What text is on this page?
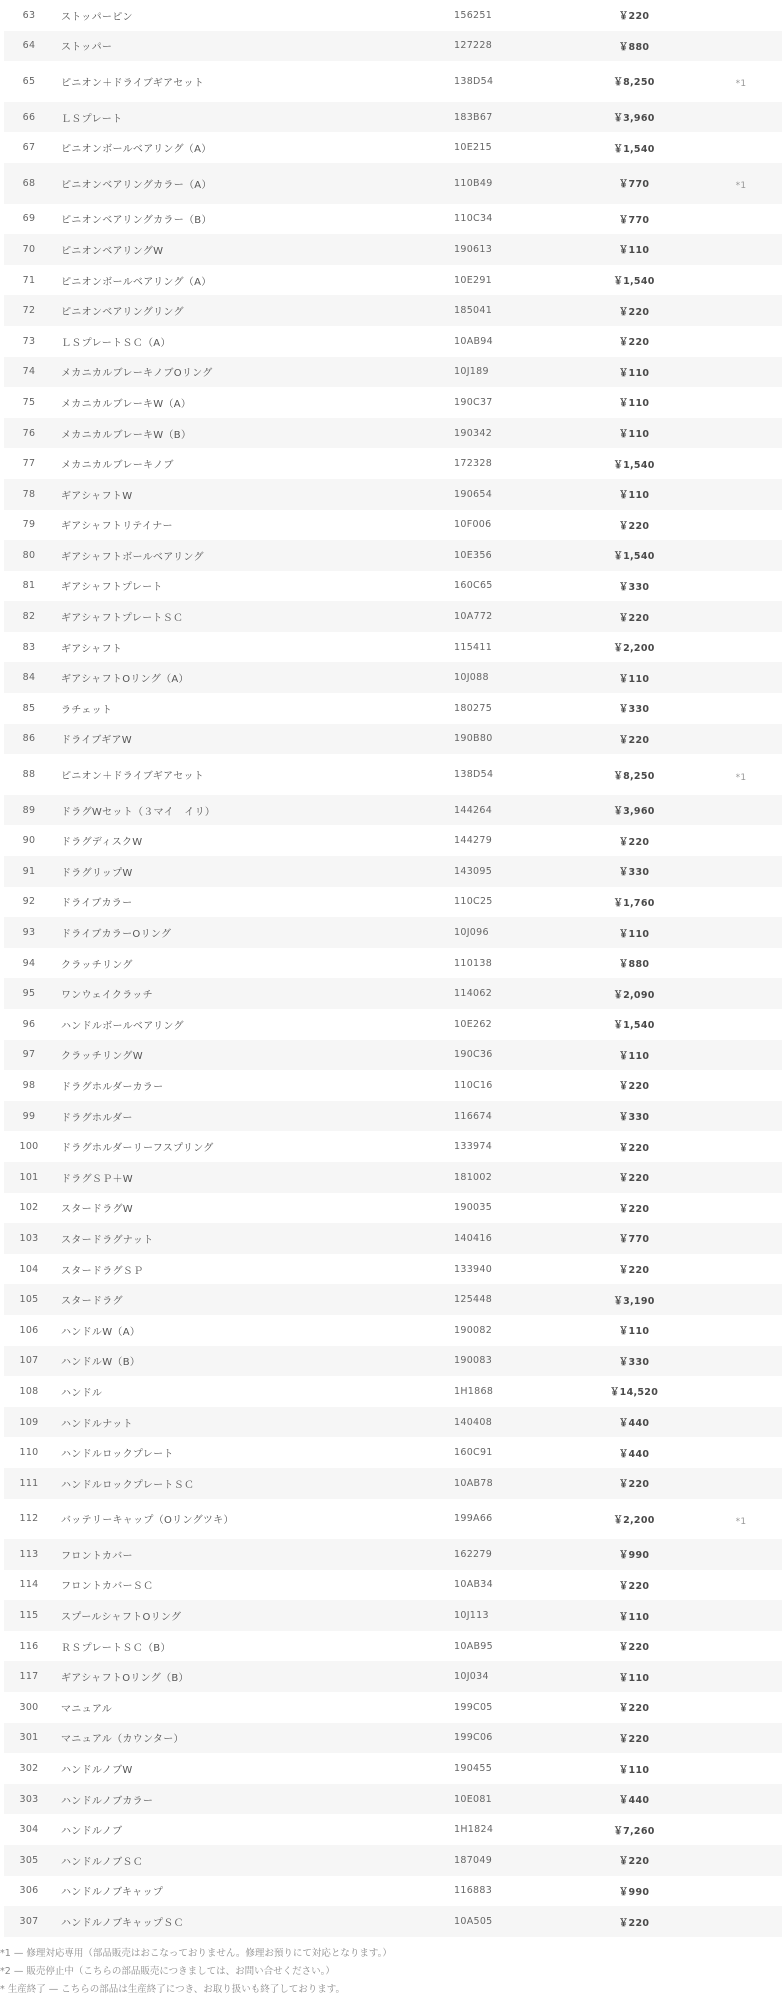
63	ストッパーピン	156251	￥220
64	ストッパー	127228	￥880
65	ピニオン＋ドライブギアセット	138D54	￥8,250	*1
66	ＬＳプレート	183B67	￥3,960
67	ピニオンボールベアリング（A）	10E215	￥1,540
68	ピニオンベアリングカラー（A）	110B49	￥770	*1
69	ピニオンベアリングカラー（B）	110C34	￥770
70	ピニオンベアリングW	190613	￥110
71	ピニオンボールベアリング（A）	10E291	￥1,540
72	ピニオンベアリングリング	185041	￥220
73	ＬＳプレートＳＣ（A）	10AB94	￥220
74	メカニカルブレーキノブOリング	10J189	￥110
75	メカニカルブレーキW（A）	190C37	￥110
76	メカニカルブレーキW（B）	190342	￥110
77	メカニカルブレーキノブ	172328	￥1,540
78	ギアシャフトW	190654	￥110
79	ギアシャフトリテイナー	10F006	￥220
80	ギアシャフトボールベアリング	10E356	￥1,540
81	ギアシャフトプレート	160C65	￥330
82	ギアシャフトプレートＳＣ	10A772	￥220
83	ギアシャフト	115411	￥2,200
84	ギアシャフトOリング（A）	10J088	￥110
85	ラチェット	180275	￥330
86	ドライブギアW	190B80	￥220
88	ピニオン＋ドライブギアセット	138D54	￥8,250	*1
89	ドラグWセット（３マイ　イリ）	144264	￥3,960
90	ドラグディスクW	144279	￥220
91	ドラグリップW	143095	￥330
92	ドライブカラー	110C25	￥1,760
93	ドライブカラーOリング	10J096	￥110
94	クラッチリング	110138	￥880
95	ワンウェイクラッチ	114062	￥2,090
96	ハンドルボールベアリング	10E262	￥1,540
97	クラッチリングW	190C36	￥110
98	ドラグホルダーカラー	110C16	￥220
99	ドラグホルダー	116674	￥330
100	ドラグホルダーリーフスプリング	133974	￥220
101	ドラグＳＰ＋W	181002	￥220
102	スタードラグW	190035	￥220
103	スタードラグナット	140416	￥770
104	スタードラグＳＰ	133940	￥220
105	スタードラグ	125448	￥3,190
106	ハンドルW（A）	190082	￥110
107	ハンドルW（B）	190083	￥330
108	ハンドル	1H1868	￥14,520
109	ハンドルナット	140408	￥440
110	ハンドルロックプレート	160C91	￥440
111	ハンドルロックプレートＳＣ	10AB78	￥220
112	バッテリーキャップ（Oリングツキ）	199A66	￥2,200	*1
113	フロントカバー	162279	￥990
114	フロントカバーＳＣ	10AB34	￥220
115	スプールシャフトOリング	10J113	￥110
116	ＲＳプレートＳＣ（B）	10AB95	￥220
117	ギアシャフトOリング（B）	10J034	￥110
300	マニュアル	199C05	￥220
301	マニュアル（カウンター）	199C06	￥220
302	ハンドルノブW	190455	￥110
303	ハンドルノブカラー	10E081	￥440
304	ハンドルノブ	1H1824	￥7,260
305	ハンドルノブＳＣ	187049	￥220
306	ハンドルノブキャップ	116883	￥990
307	ハンドルノブキャップＳＣ	10A505	￥220
*1 — 修理対応専用（部品販売はおこなっておりません。修理お預りにて対応となります。）
*2 — 販売停止中（こちらの部品販売につきましては、お問い合せください。）
* 生産終了 — こちらの部品は生産終了につき、お取り扱いも終了しております。
